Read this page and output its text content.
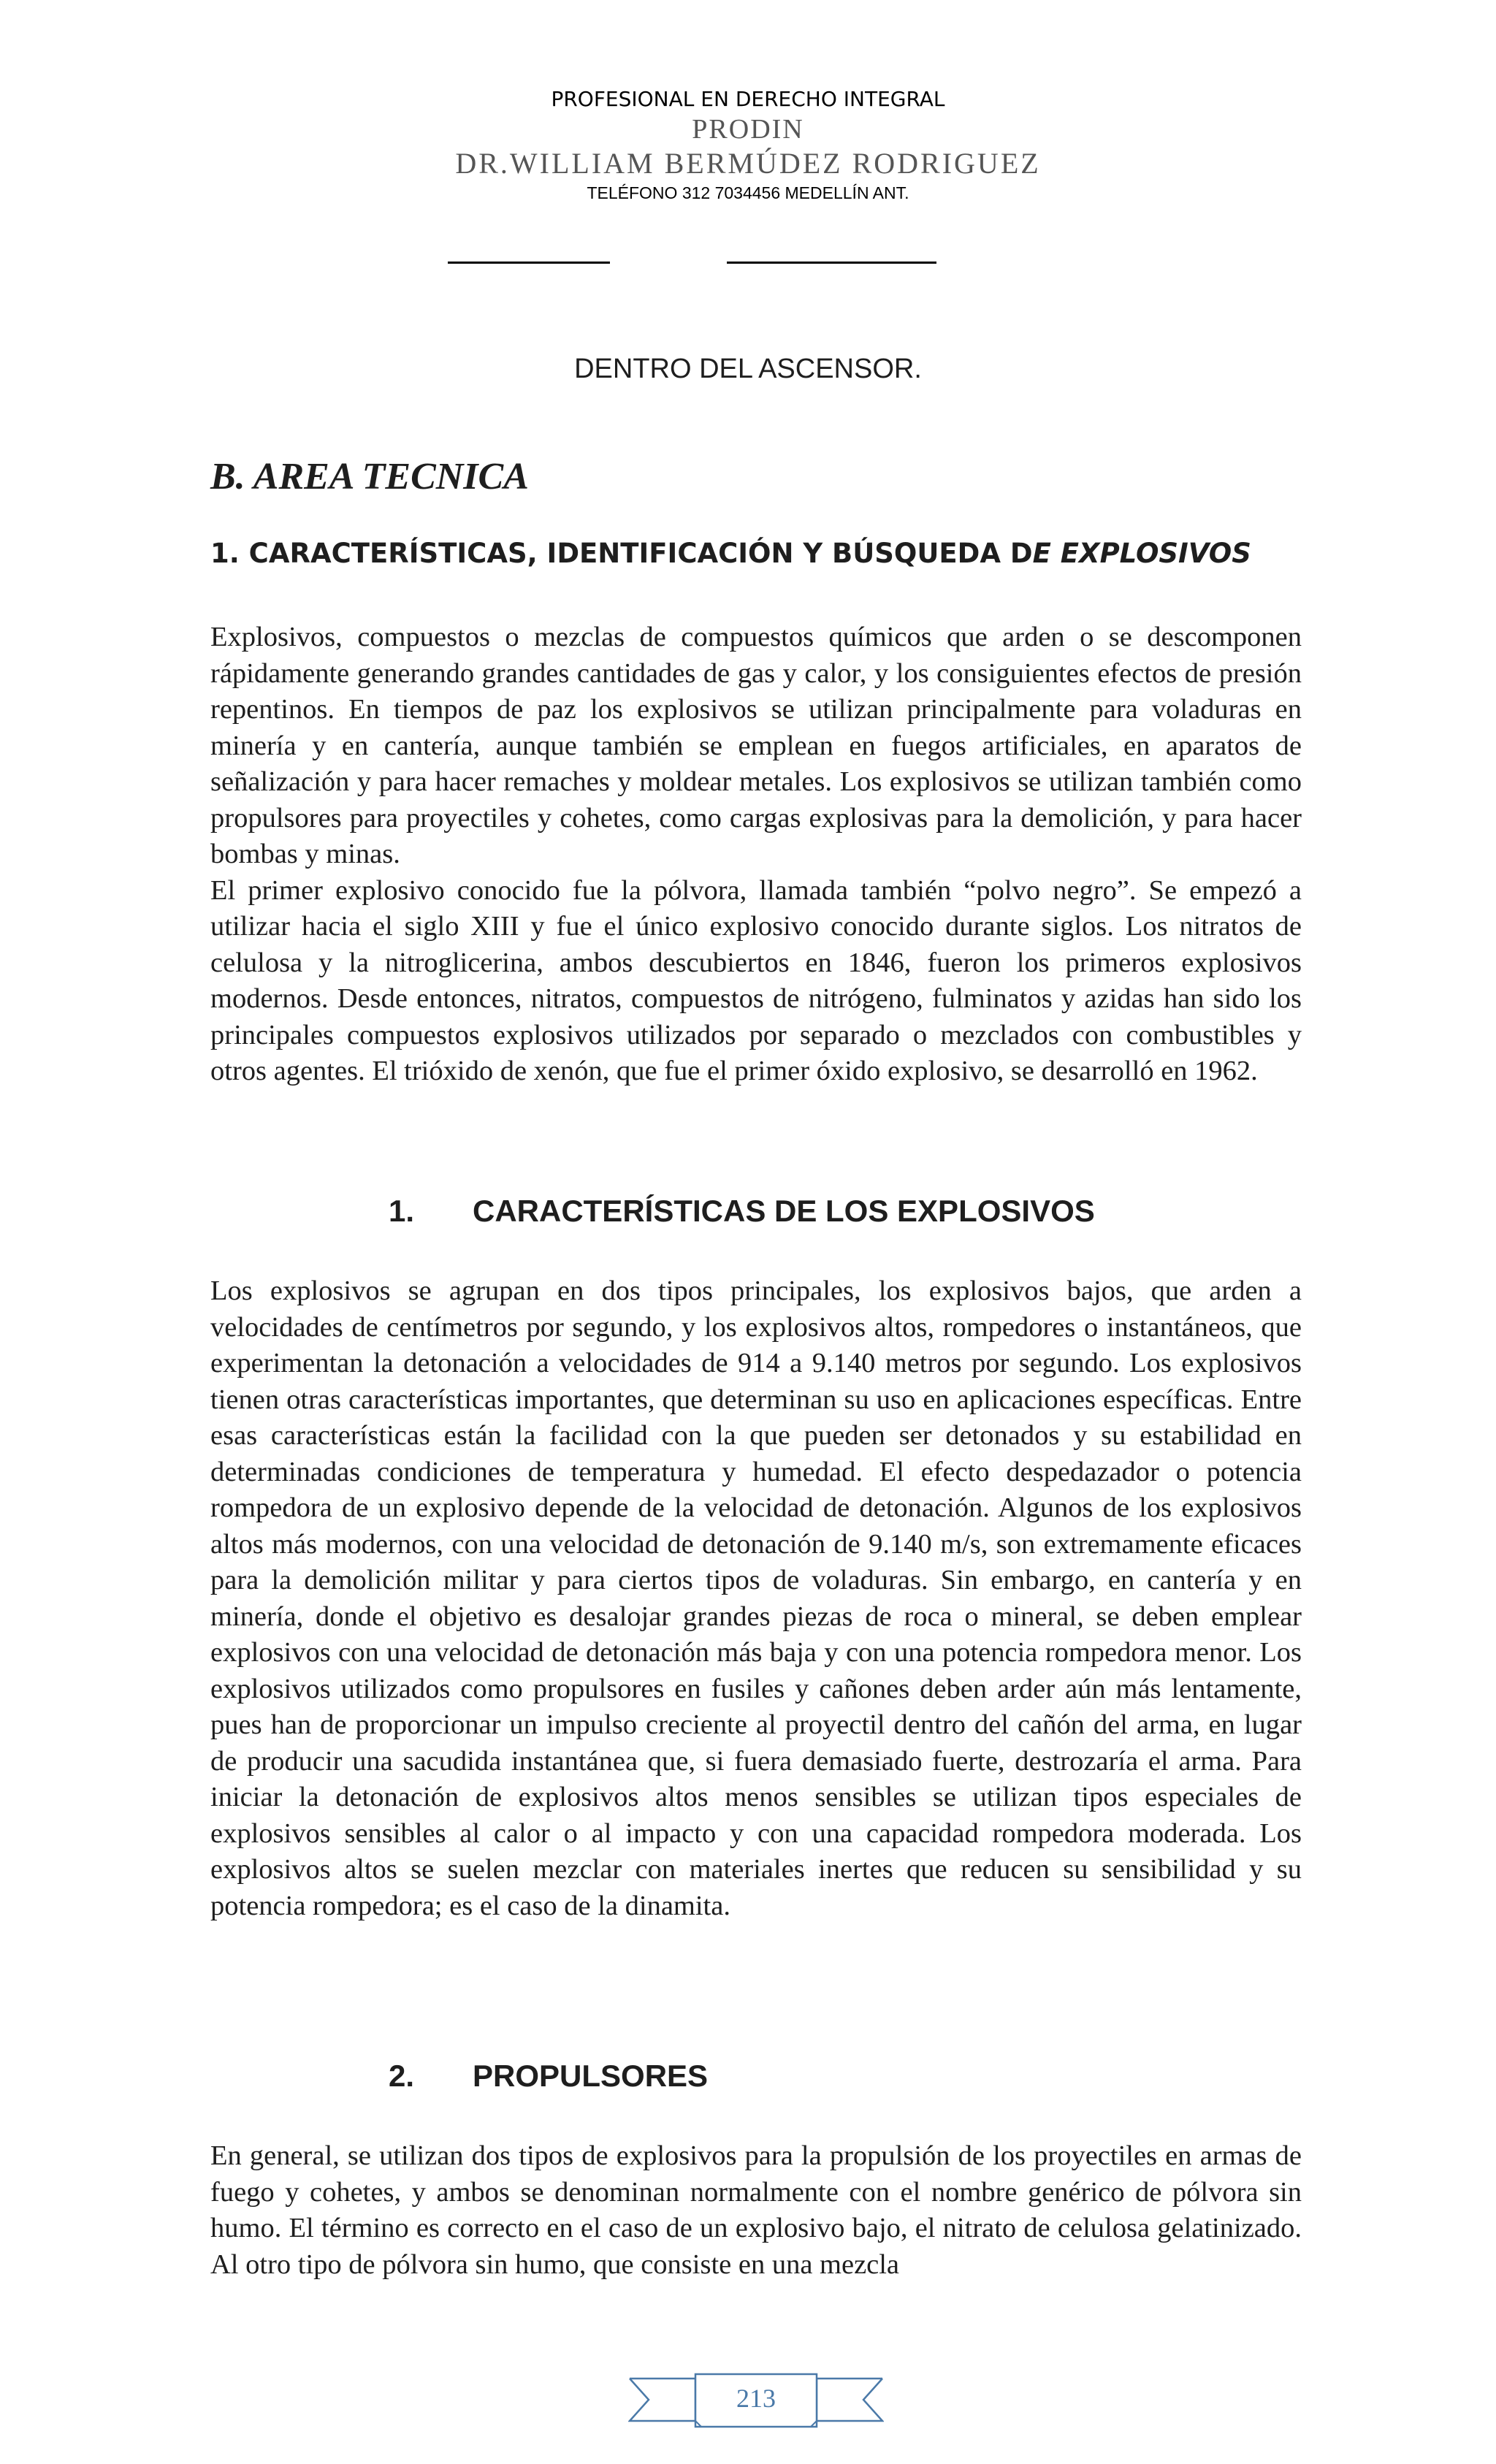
PROFESIONAL EN DERECHO INTEGRAL
PRODIN
DR.WILLIAM BERMÚDEZ RODRIGUEZ
TELÉFONO 312 7034456 MEDELLÍN ANT.
DENTRO DEL ASCENSOR.
B. AREA TECNICA
1. CARACTERÍSTICAS, IDENTIFICACIÓN Y BÚSQUEDA DE EXPLOSIVOS

Explosivos, compuestos o mezclas de compuestos químicos que arden o se descomponen rápidamente generando grandes cantidades de gas y calor, y los consiguientes efectos de presión repentinos. En tiempos de paz los explosivos se utilizan principalmente para voladuras en minería y en cantería, aunque también se emplean en fuegos artificiales, en aparatos de señalización y para hacer remaches y moldear metales. Los explosivos se utilizan también como propulsores para proyectiles y cohetes, como cargas explosivas para la demolición, y para hacer bombas y minas.
El primer explosivo conocido fue la pólvora, llamada también “polvo negro”. Se empezó a utilizar hacia el siglo XIII y fue el único explosivo conocido durante siglos. Los nitratos de celulosa y la nitroglicerina, ambos descubiertos en 1846, fueron los primeros explosivos modernos. Desde entonces, nitratos, compuestos de nitrógeno, fulminatos y azidas han sido los principales compuestos explosivos utilizados por separado o mezclados con combustibles y otros agentes. El trióxido de xenón, que fue el primer óxido explosivo, se desarrolló en 1962.

1. CARACTERÍSTICAS DE LOS EXPLOSIVOS

Los explosivos se agrupan en dos tipos principales, los explosivos bajos, que arden a velocidades de centímetros por segundo, y los explosivos altos, rompedores o instantáneos, que experimentan la detonación a velocidades de 914 a 9.140 metros por segundo. Los explosivos tienen otras características importantes, que determinan su uso en aplicaciones específicas. Entre esas características están la facilidad con la que pueden ser detonados y su estabilidad en determinadas condiciones de temperatura y humedad. El efecto despedazador o potencia rompedora de un explosivo depende de la velocidad de detonación. Algunos de los explosivos altos más modernos, con una velocidad de detonación de 9.140 m/s, son extremamente eficaces para la demolición militar y para ciertos tipos de voladuras. Sin embargo, en cantería y en minería, donde el objetivo es desalojar grandes piezas de roca o mineral, se deben emplear explosivos con una velocidad de detonación más baja y con una potencia rompedora menor. Los explosivos utilizados como propulsores en fusiles y cañones deben arder aún más lentamente, pues han de proporcionar un impulso creciente al proyectil dentro del cañón del arma, en lugar de producir una sacudida instantánea que, si fuera demasiado fuerte, destrozaría el arma. Para iniciar la detonación de explosivos altos menos sensibles se utilizan tipos especiales de explosivos sensibles al calor o al impacto y con una capacidad rompedora moderada. Los explosivos altos se suelen mezclar con materiales inertes que reducen su sensibilidad y su potencia rompedora; es el caso de la dinamita.

2. PROPULSORES

En general, se utilizan dos tipos de explosivos para la propulsión de los proyectiles en armas de fuego y cohetes, y ambos se denominan normalmente con el nombre genérico de pólvora sin humo. El término es correcto en el caso de un explosivo bajo, el nitrato de celulosa gelatinizado. Al otro tipo de pólvora sin humo, que consiste en una mezcla

213
